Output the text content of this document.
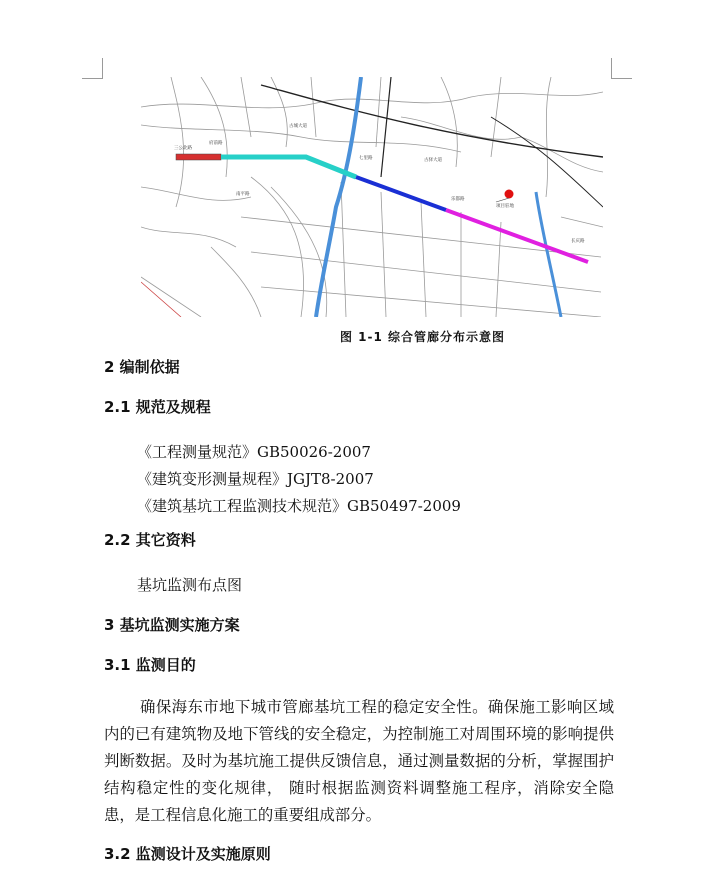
三公北路
府前路
古城大道
七里路	古驿大道
南平路
乐都路
项目驻地
长庆路
图 1-1 综合管廊分布示意图
2 编制依据
2.1 规范及规程
《工程测量规范》GB50026-2007
《建筑变形测量规程》JGJT8-2007
《建筑基坑工程监测技术规范》GB50497-2009
2.2 其它资料
基坑监测布点图
3 基坑监测实施方案
3.1 监测目的
确保海东市地下城市管廊基坑工程的稳定安全性。确保施工影响区域内的已有建筑物及地下管线的安全稳定，为控制施工对周围环境的影响提供判断数据。及时为基坑施工提供反馈信息，通过测量数据的分析，掌握围护结构稳定性的变化规律， 随时根据监测资料调整施工程序，消除安全隐患，是工程信息化施工的重要组成部分。
3.2 监测设计及实施原则
